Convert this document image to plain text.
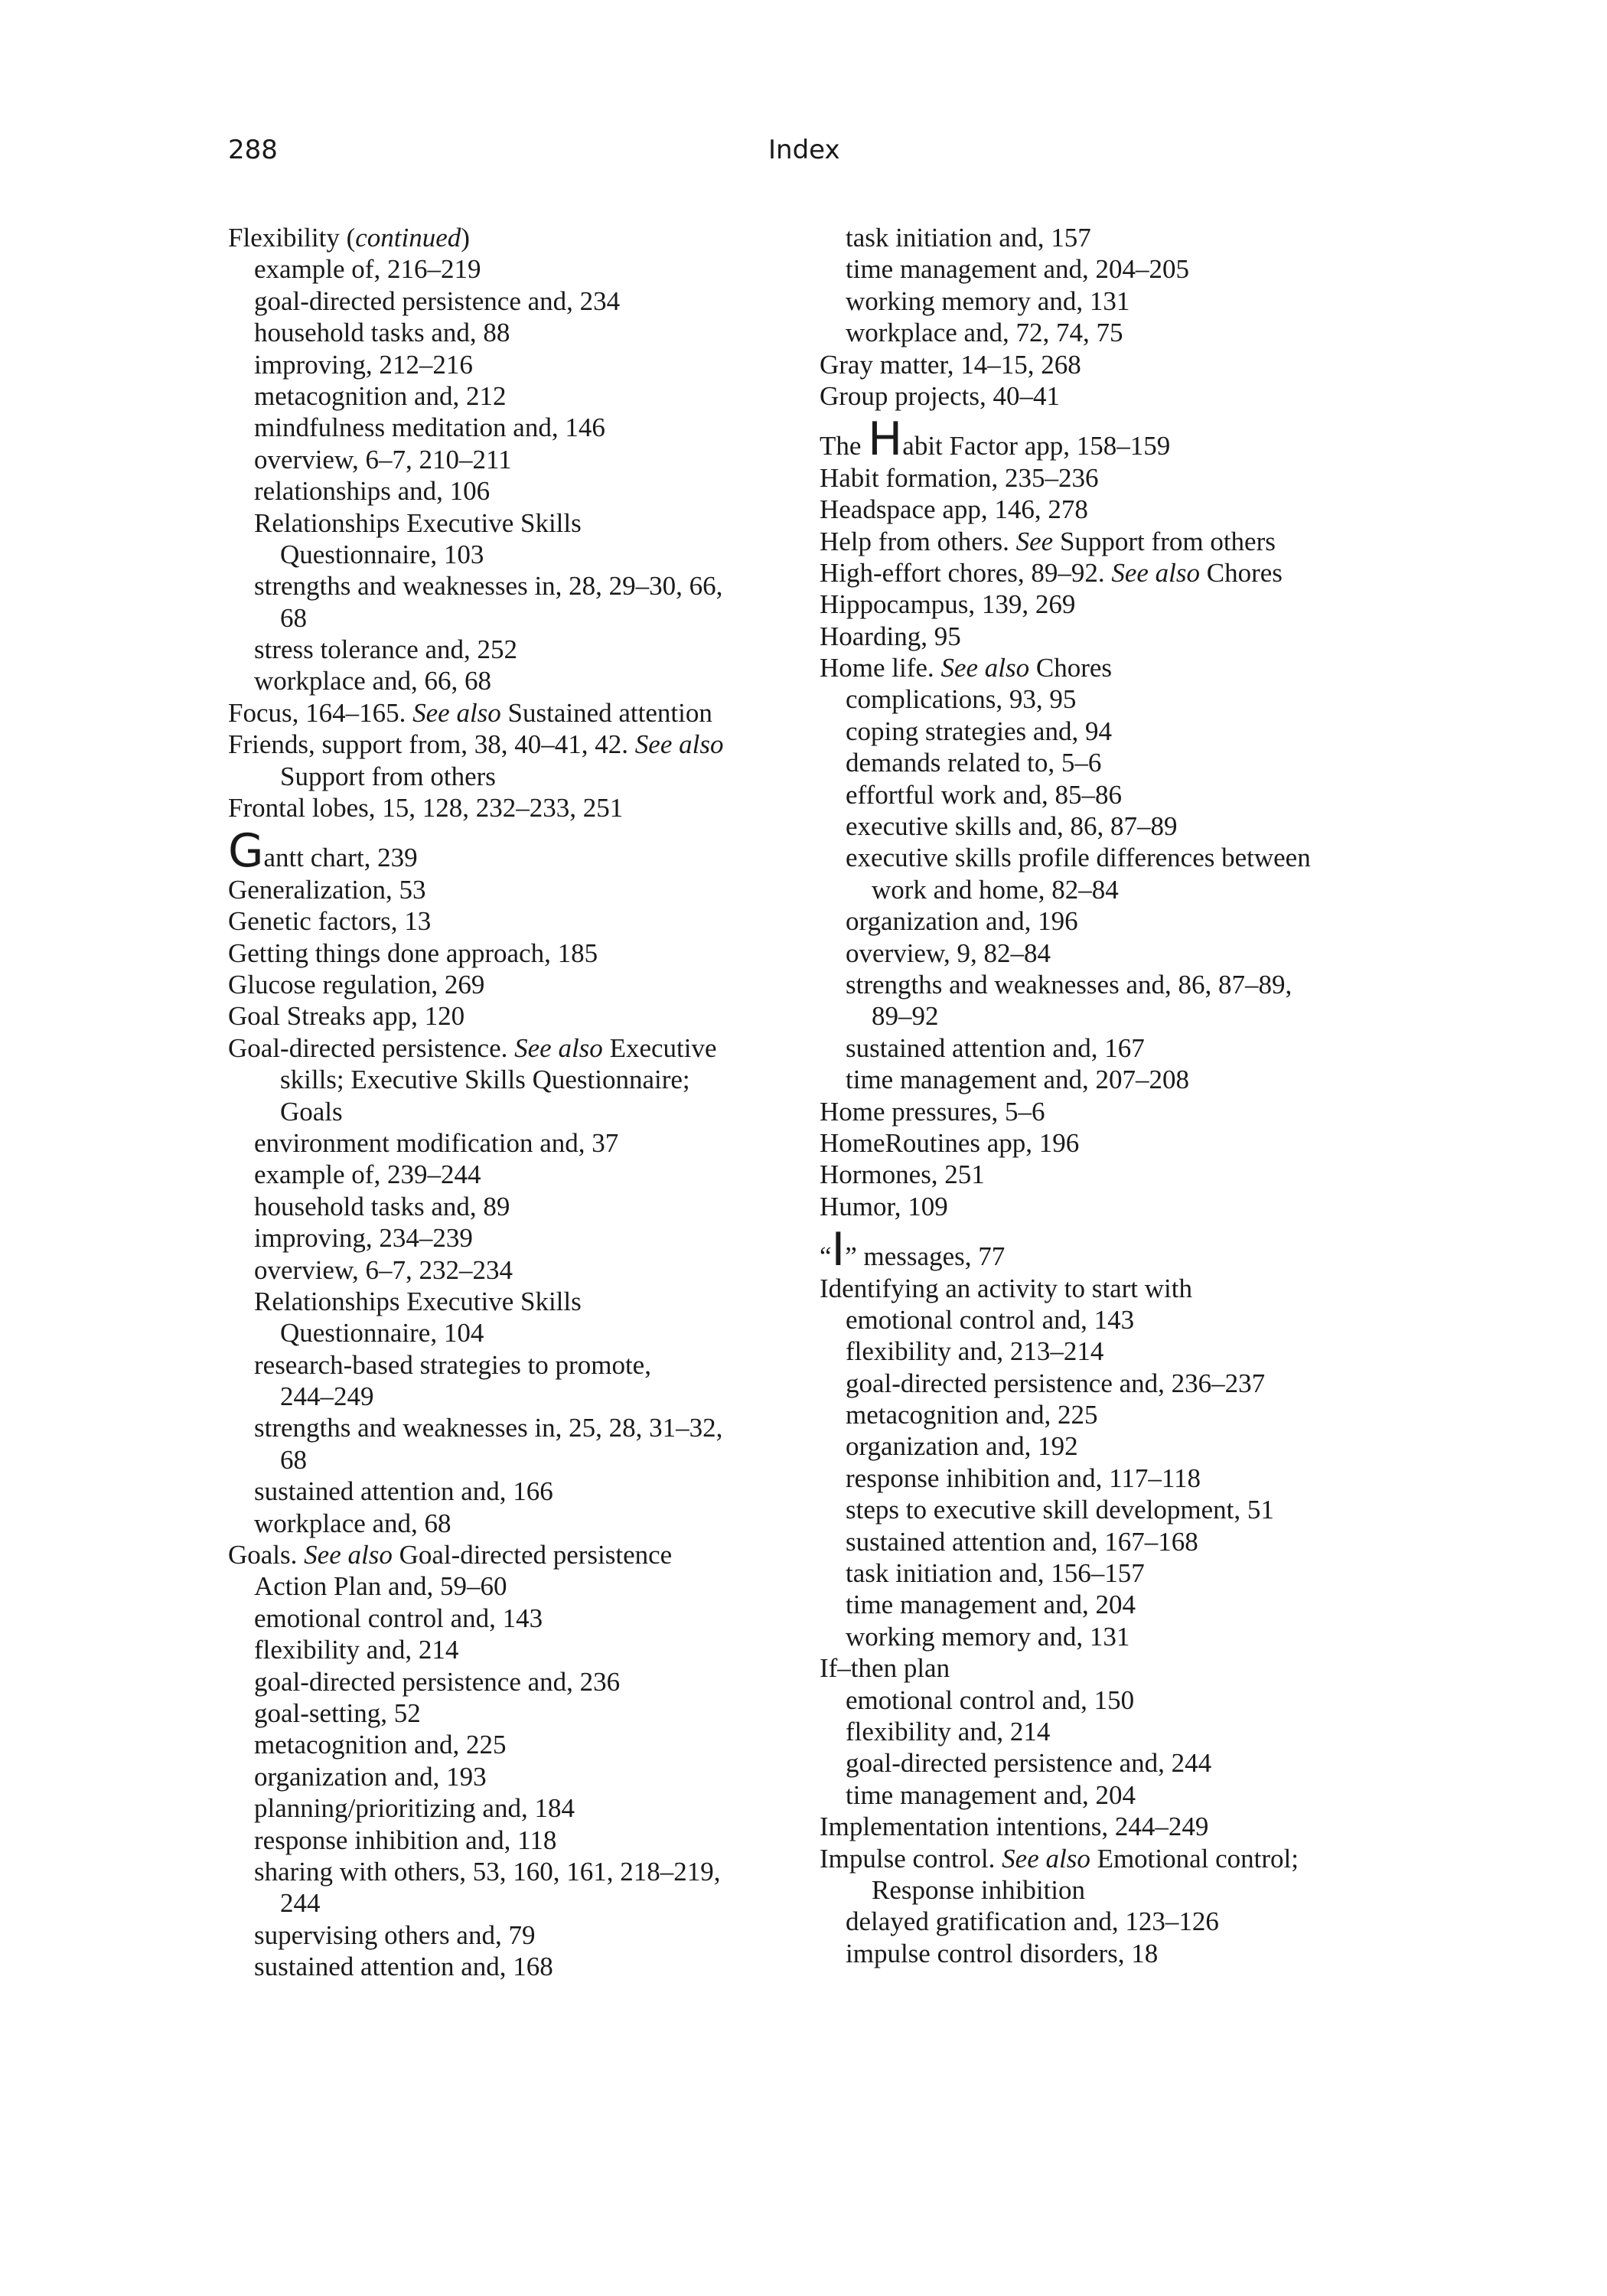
288	Index
Flexibility (continued)
example of, 216–219
goal-directed persistence and, 234
household tasks and, 88
improving, 212–216
metacognition and, 212
mindfulness meditation and, 146
overview, 6–7, 210–211
relationships and, 106
Relationships Executive Skills
Questionnaire, 103
strengths and weaknesses in, 28, 29–30, 66,
68
stress tolerance and, 252
workplace and, 66, 68
Focus, 164–165. See also Sustained attention
Friends, support from, 38, 40–41, 42. See also
Support from others
Frontal lobes, 15, 128, 232–233, 251
Gantt chart, 239
Generalization, 53
Genetic factors, 13
Getting things done approach, 185
Glucose regulation, 269
Goal Streaks app, 120
Goal-directed persistence. See also Executive
skills; Executive Skills Questionnaire;
Goals
environment modification and, 37
example of, 239–244
household tasks and, 89
improving, 234–239
overview, 6–7, 232–234
Relationships Executive Skills
Questionnaire, 104
research-based strategies to promote,
244–249
strengths and weaknesses in, 25, 28, 31–32,
68
sustained attention and, 166
workplace and, 68
Goals. See also Goal-directed persistence
Action Plan and, 59–60
emotional control and, 143
flexibility and, 214
goal-directed persistence and, 236
goal-setting, 52
metacognition and, 225
organization and, 193
planning/prioritizing and, 184
response inhibition and, 118
sharing with others, 53, 160, 161, 218–219,
244
supervising others and, 79
sustained attention and, 168
task initiation and, 157
time management and, 204–205
working memory and, 131
workplace and, 72, 74, 75
Gray matter, 14–15, 268
Group projects, 40–41
The Habit Factor app, 158–159
Habit formation, 235–236
Headspace app, 146, 278
Help from others. See Support from others
High-effort chores, 89–92. See also Chores
Hippocampus, 139, 269
Hoarding, 95
Home life. See also Chores
complications, 93, 95
coping strategies and, 94
demands related to, 5–6
effortful work and, 85–86
executive skills and, 86, 87–89
executive skills profile differences between
work and home, 82–84
organization and, 196
overview, 9, 82–84
strengths and weaknesses and, 86, 87–89,
89–92
sustained attention and, 167
time management and, 207–208
Home pressures, 5–6
HomeRoutines app, 196
Hormones, 251
Humor, 109
“I” messages, 77
Identifying an activity to start with
emotional control and, 143
flexibility and, 213–214
goal-directed persistence and, 236–237
metacognition and, 225
organization and, 192
response inhibition and, 117–118
steps to executive skill development, 51
sustained attention and, 167–168
task initiation and, 156–157
time management and, 204
working memory and, 131
If–then plan
emotional control and, 150
flexibility and, 214
goal-directed persistence and, 244
time management and, 204
Implementation intentions, 244–249
Impulse control. See also Emotional control;
Response inhibition
delayed gratification and, 123–126
impulse control disorders, 18
